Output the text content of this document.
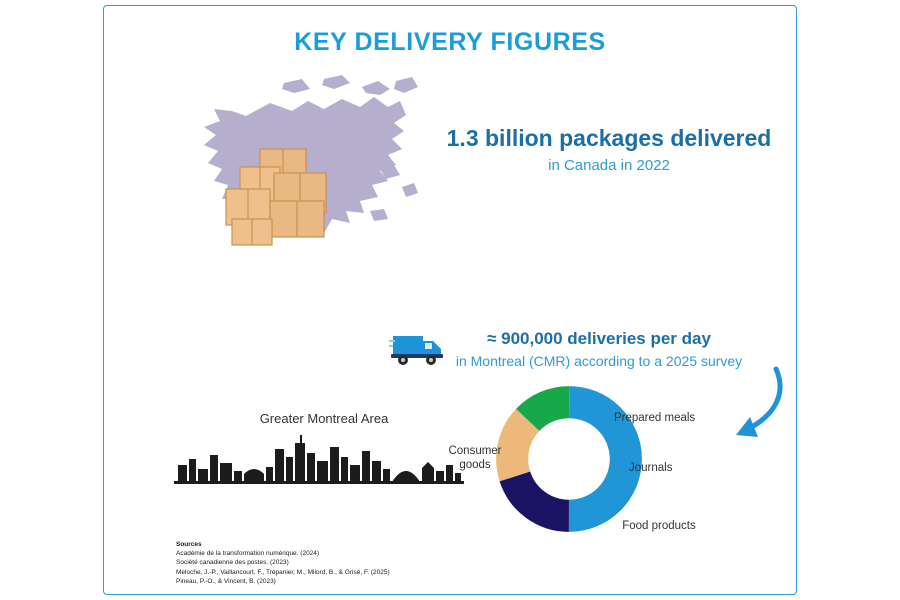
KEY DELIVERY FIGURES
1.3 billion packages delivered
in Canada in 2022
≈ 900,000 deliveries per day
in Montreal (CMR) according to a 2025 survey
Greater Montreal Area
Consumer goods
Prepared meals
Journals
Food products
Sources
Académie de la transformation numérique. (2024)
Société canadienne des postes. (2023)
Meloche, J.-P., Vaillancourt, F., Trépanier, M., Milord, B., & Grisé, F. (2025)
Pineau, P.-O., & Vincent, B. (2023)
